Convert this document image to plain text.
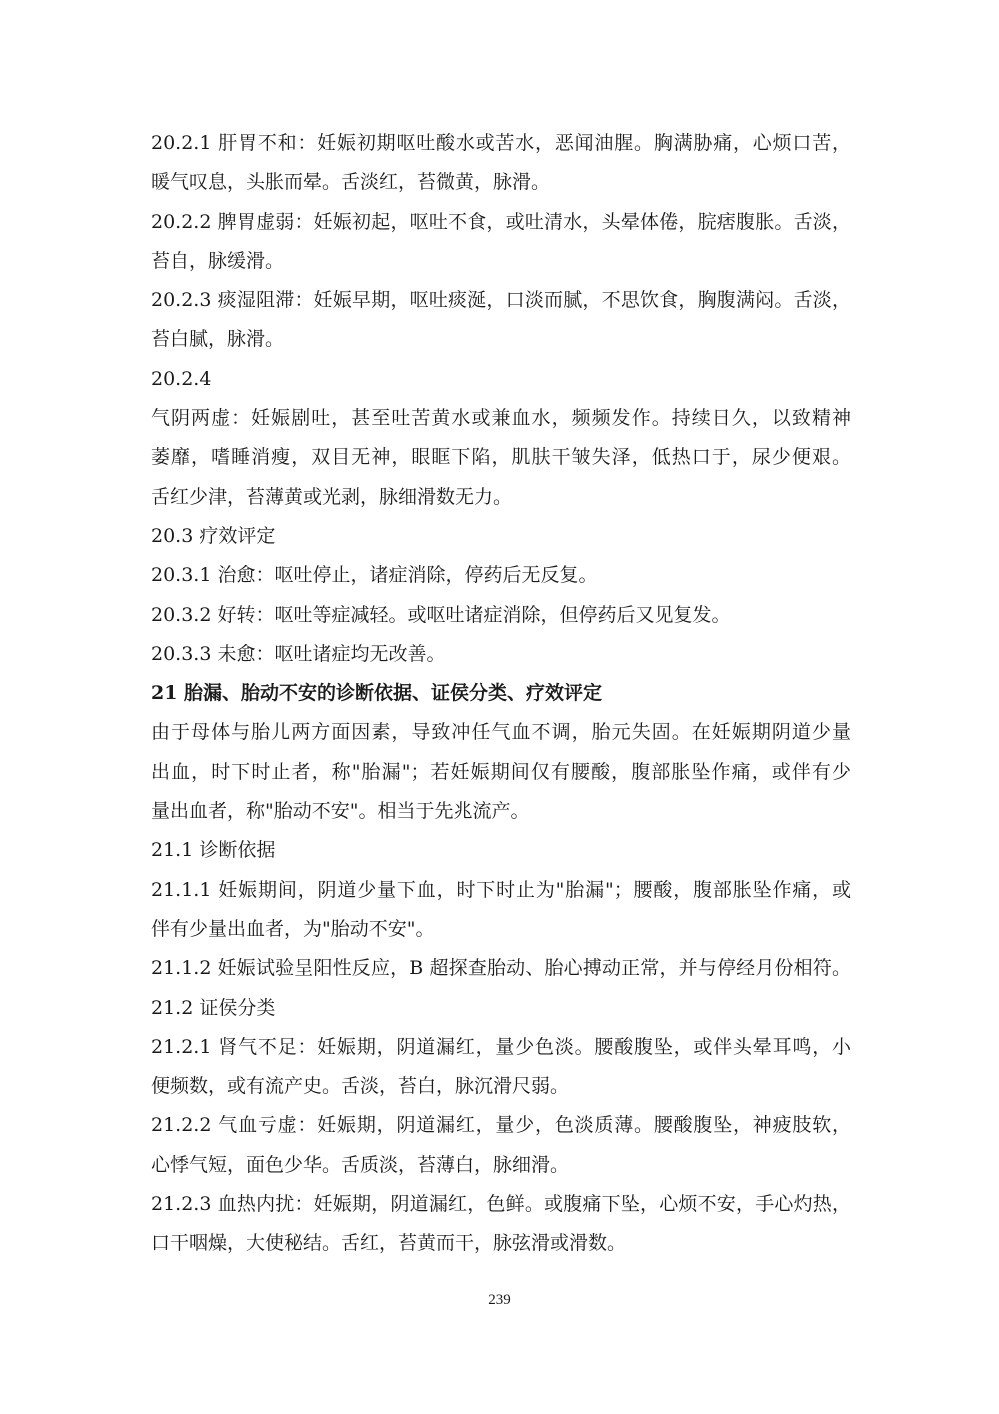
20.2.1 肝胃不和：妊娠初期呕吐酸水或苦水，恶闻油腥。胸满胁痛，心烦口苦，
暖气叹息，头胀而晕。舌淡红，苔微黄，脉滑。
20.2.2 脾胃虚弱：妊娠初起，呕吐不食，或吐清水，头晕体倦，脘痞腹胀。舌淡，
苔自，脉缓滑。
20.2.3 痰湿阻滞：妊娠早期，呕吐痰涎，口淡而腻，不思饮食，胸腹满闷。舌淡，
苔白腻，脉滑。
20.2.4
气阴两虚：妊娠剧吐，甚至吐苦黄水或兼血水，频频发作。持续日久，以致精神
萎靡，嗜睡消瘦，双目无神，眼眶下陷，肌肤干皱失泽，低热口于，尿少便艰。
舌红少津，苔薄黄或光剥，脉细滑数无力。
20.3 疗效评定
20.3.1 治愈：呕吐停止，诸症消除，停药后无反复。
20.3.2 好转：呕吐等症减轻。或呕吐诸症消除，但停药后又见复发。
20.3.3 未愈：呕吐诸症均无改善。
21 胎漏、胎动不安的诊断依据、证侯分类、疗效评定
由于母体与胎儿两方面因素，导致冲任气血不调，胎元失固。在妊娠期阴道少量
出血，时下时止者，称"胎漏"；若妊娠期间仅有腰酸，腹部胀坠作痛，或伴有少
量出血者，称"胎动不安"。相当于先兆流产。
21.1 诊断依据
21.1.1 妊娠期间，阴道少量下血，时下时止为"胎漏"；腰酸，腹部胀坠作痛，或
伴有少量出血者，为"胎动不安"。
21.1.2 妊娠试验呈阳性反应，B 超探查胎动、胎心搏动正常，并与停经月份相符。
21.2 证侯分类
21.2.1 肾气不足：妊娠期，阴道漏红，量少色淡。腰酸腹坠，或伴头晕耳鸣，小
便频数，或有流产史。舌淡，苔白，脉沉滑尺弱。
21.2.2 气血亏虚：妊娠期，阴道漏红，量少，色淡质薄。腰酸腹坠，神疲肢软，
心悸气短，面色少华。舌质淡，苔薄白，脉细滑。
21.2.3 血热内扰：妊娠期，阴道漏红，色鲜。或腹痛下坠，心烦不安，手心灼热，
口干咽燥，大使秘结。舌红，苔黄而干，脉弦滑或滑数。
239
